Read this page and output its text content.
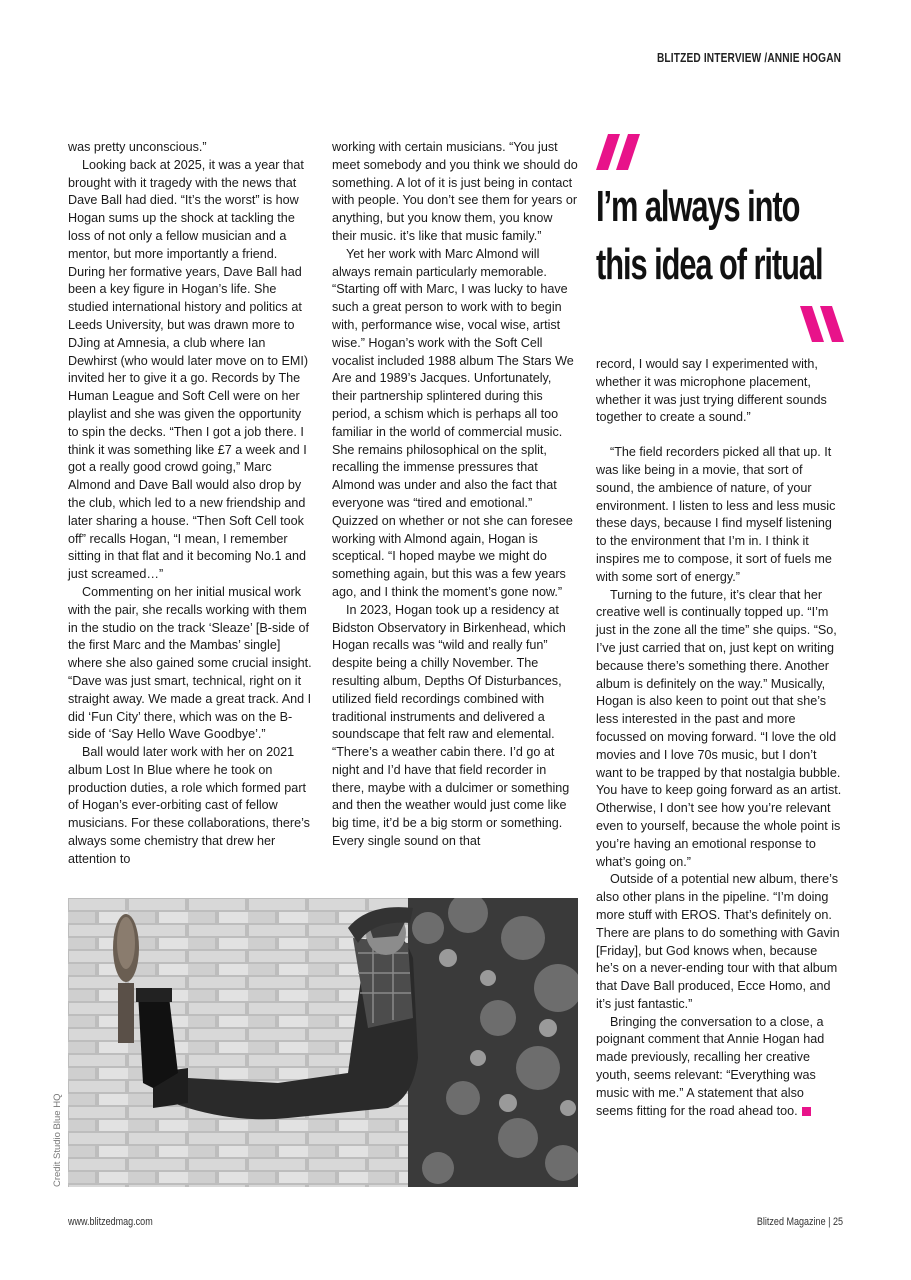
BLITZED INTERVIEW /ANNIE HOGAN

was pretty unconscious.”

Looking back at 2025, it was a year that brought with it tragedy with the news that Dave Ball had died. “It’s the worst” is how Hogan sums up the shock at tackling the loss of not only a fellow musician and a mentor, but more importantly a friend. During her formative years, Dave Ball had been a key figure in Hogan’s life. She studied international history and politics at Leeds University, but was drawn more to DJing at Amnesia, a club where Ian Dewhirst (who would later move on to EMI) invited her to give it a go. Records by The Human League and Soft Cell were on her playlist and she was given the opportunity to spin the decks. “Then I got a job there. I think it was something like £7 a week and I got a really good crowd going,” Marc Almond and Dave Ball would also drop by the club, which led to a new friendship and later sharing a house. “Then Soft Cell took off” recalls Hogan, “I mean, I remember sitting in that flat and it becoming No.1 and just screamed…”

Commenting on her initial musical work with the pair, she recalls working with them in the studio on the track ‘Sleaze’ [B-side of the first Marc and the Mambas’ single] where she also gained some crucial insight. “Dave was just smart, technical, right on it straight away. We made a great track. And I did ‘Fun City’ there, which was on the B-side of ‘Say Hello Wave Goodbye’.”

Ball would later work with her on 2021 album Lost In Blue where he took on production duties, a role which formed part of Hogan’s ever-orbiting cast of fellow musicians. For these collaborations, there’s always some chemistry that drew her attention to

working with certain musicians. “You just meet somebody and you think we should do something. A lot of it is just being in contact with people. You don’t see them for years or anything, but you know them, you know their music. it’s like that music family.”

Yet her work with Marc Almond will always remain particularly memorable. “Starting off with Marc, I was lucky to have such a great person to work with to begin with, performance wise, vocal wise, artist wise.” Hogan’s work with the Soft Cell vocalist included 1988 album The Stars We Are and 1989’s Jacques. Unfortunately, their partnership splintered during this period, a schism which is perhaps all too familiar in the world of commercial music. She remains philosophical on the split, recalling the immense pressures that Almond was under and also the fact that everyone was “tired and emotional.” Quizzed on whether or not she can foresee working with Almond again, Hogan is sceptical. “I hoped maybe we might do something again, but this was a few years ago, and I think the moment’s gone now.”

In 2023, Hogan took up a residency at Bidston Observatory in Birkenhead, which Hogan recalls was “wild and really fun” despite being a chilly November. The resulting album, Depths Of Disturbances, utilized field recordings combined with traditional instruments and delivered a soundscape that felt raw and elemental. “There’s a weather cabin there. I’d go at night and I’d have that field recorder in there, maybe with a dulcimer or something and then the weather would just come like big time, it’d be a big storm or something. Every single sound on that

I’m always into this idea of ritual

record, I would say I experimented with, whether it was microphone placement, whether it was just trying different sounds together to create a sound.”

“The field recorders picked all that up. It was like being in a movie, that sort of sound, the ambience of nature, of your environment. I listen to less and less music these days, because I find myself listening to the environment that I’m in. I think it inspires me to compose, it sort of fuels me with some sort of energy.”

Turning to the future, it’s clear that her creative well is continually topped up. “I’m just in the zone all the time” she quips. “So, I’ve just carried that on, just kept on writing because there’s something there. Another album is definitely on the way.” Musically, Hogan is also keen to point out that she’s less interested in the past and more focussed on moving forward. “I love the old movies and I love 70s music, but I don’t want to be trapped by that nostalgia bubble. You have to keep going forward as an artist. Otherwise, I don’t see how you’re relevant even to yourself, because the whole point is you’re having an emotional response to what’s going on.”

Outside of a potential new album, there’s also other plans in the pipeline. “I’m doing more stuff with EROS. That’s definitely on. There are plans to do something with Gavin [Friday], but God knows when, because he’s on a never-ending tour with that album that Dave Ball produced, Ecce Homo, and it’s just fantastic.”

Bringing the conversation to a close, a poignant comment that Annie Hogan had made previously, recalling her creative youth, seems relevant: “Everything was music with me.” A statement that also seems fitting for the road ahead too.

Credit Studio Blue HQ
www.blitzedmag.com	Blitzed Magazine | 25
